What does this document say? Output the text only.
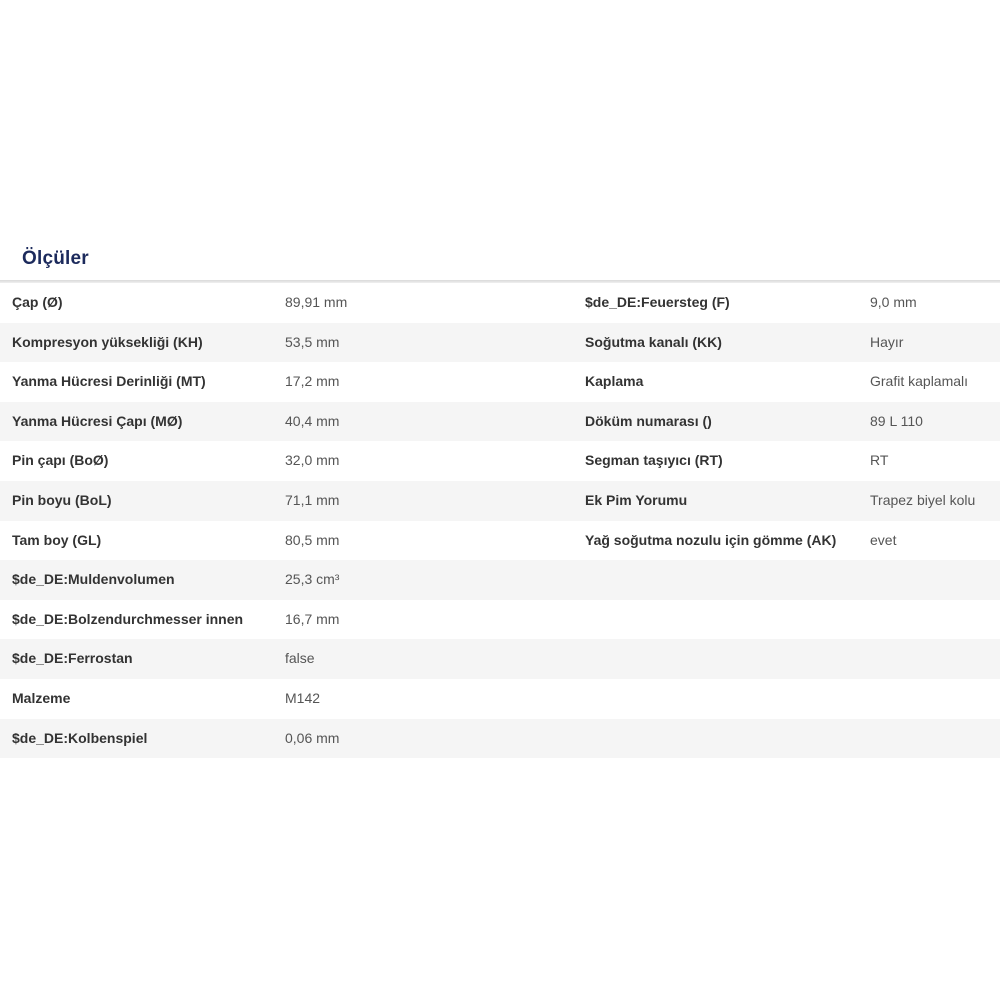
Ölçüler
Çap (Ø)	89,91 mm	$de_DE:Feuersteg (F)	9,0 mm
Kompresyon yüksekliği (KH)	53,5 mm	Soğutma kanalı (KK)	Hayır
Yanma Hücresi Derinliği (MT)	17,2 mm	Kaplama	Grafit kaplamalı
Yanma Hücresi Çapı (MØ)	40,4 mm	Döküm numarası ()	89 L 110
Pin çapı (BoØ)	32,0 mm	Segman taşıyıcı (RT)	RT
Pin boyu (BoL)	71,1 mm	Ek Pim Yorumu	Trapez biyel kolu
Tam boy (GL)	80,5 mm	Yağ soğutma nozulu için gömme (AK) evet
$de_DE:Muldenvolumen	25,3 cm³
$de_DE:Bolzendurchmesser innen	16,7 mm
$de_DE:Ferrostan	false
Malzeme	M142
$de_DE:Kolbenspiel	0,06 mm
